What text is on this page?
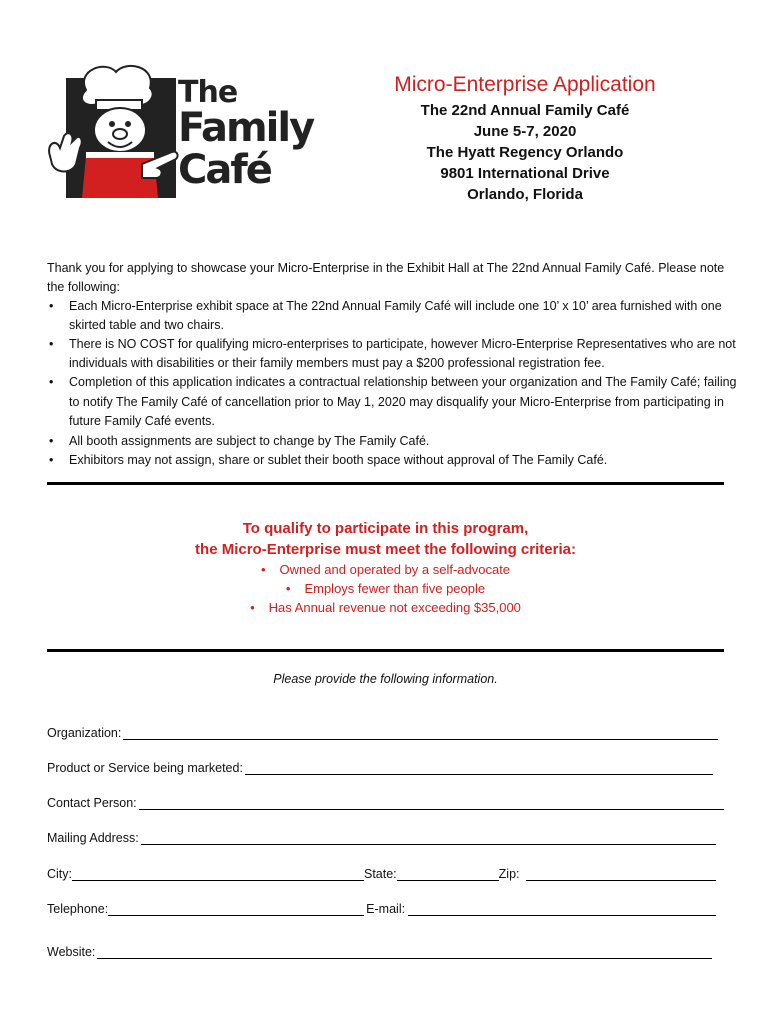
The
Family
Café
Micro-Enterprise Application
The 22nd Annual Family Café
June 5-7, 2020
The Hyatt Regency Orlando
9801 International Drive
Orlando, Florida
Thank you for applying to showcase your Micro-Enterprise in the Exhibit Hall at The 22nd Annual Family Café. Please note the following:
• Each Micro-Enterprise exhibit space at The 22nd Annual Family Café will include one 10’ x 10’ area furnished with one skirted table and two chairs.
• There is NO COST for qualifying micro-enterprises to participate, however Micro-Enterprise Representatives who are not individuals with disabilities or their family members must pay a $200 professional registration fee.
• Completion of this application indicates a contractual relationship between your organization and The Family Café; failing to notify The Family Café of cancellation prior to May 1, 2020 may disqualify your Micro-Enterprise from participating in future Family Café events.
• All booth assignments are subject to change by The Family Café.
• Exhibitors may not assign, share or sublet their booth space without approval of The Family Café.
To qualify to participate in this program,
the Micro-Enterprise must meet the following criteria:
• Owned and operated by a self-advocate
• Employs fewer than five people
• Has Annual revenue not exceeding $35,000
Please provide the following information.
Organization:
Product or Service being marketed:
Contact Person:
Mailing Address:
City:	State:	Zip:
Telephone:	E-mail:
Website:
